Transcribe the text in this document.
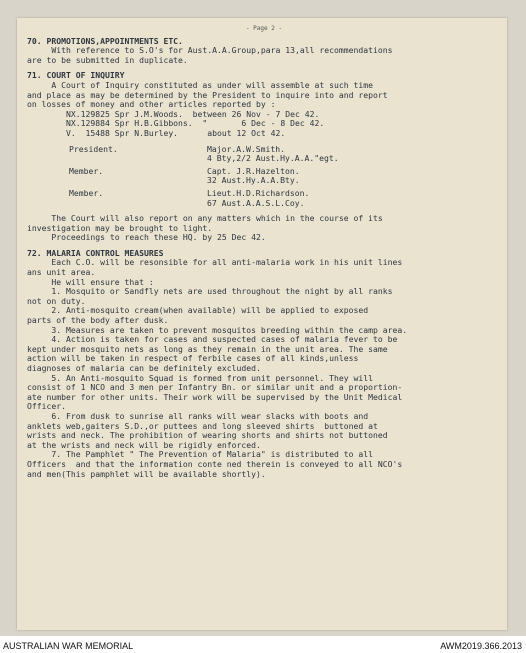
- Page 2 -
70. PROMOTIONS,APPOINTMENTS ETC.
With reference to S.O's for Aust.A.A.Group,para 13,all recommendations
are to be submitted in duplicate.
71. COURT OF INQUIRY
A Court of Inquiry constituted as under will assemble at such time
and place as may be determined by the President to inquire into and report
on losses of money and other articles reported by :
NX.129825 Spr J.M.Woods.  between 26 Nov - 7 Dec 42.
NX.129884 Spr H.B.Gibbons.  "       6 Dec - 8 Dec 42.
V.  15488 Spr N.Burley.      about 12 Oct 42.
President.	Major.A.W.Smith.
4 Bty,2/2 Aust.Hy.A.A."egt.
Member.	Capt. J.R.Hazelton.
32 Aust.Hy.A.A.Bty.
Member.	Lieut.H.D.Richardson.
67 Aust.A.A.S.L.Coy.
The Court will also report on any matters which in the course of its
investigation may be brought to light.
Proceedings to reach these HQ. by 25 Dec 42.
72. MALARIA CONTROL MEASURES
Each C.O. will be resonsible for all anti-malaria work in his unit lines
ans unit area.
He will ensure that :
1. Mosquito or Sandfly nets are used throughout the night by all ranks
not on duty.
2. Anti-mosquito cream(when available) will be applied to exposed
parts of the body after dusk.
3. Measures are taken to prevent mosquitos breeding within the camp area.
4. Action is taken for cases and suspected cases of malaria fever to be
kept under mosquito nets as long as they remain in the unit area. The same
action will be taken in respect of ferbile cases of all kinds,unless
diagnoses of malaria can be definitely excluded.
5. An Anti-mosquito Squad is formed from unit personnel. They will
consist of 1 NCO and 3 men per Infantry Bn. or similar unit and a proportion-
ate number for other units. Their work will be supervised by the Unit Medical
Officer.
6. From dusk to sunrise all ranks will wear slacks with boots and
anklets web,gaiters S.D.,or puttees and long sleeved shirts  buttoned at
wrists and neck. The prohibition of wearing shorts and shirts not buttoned
at the wrists and neck will be rigidly enforced.
7. The Pamphlet " The Prevention of Malaria" is distributed to all
Officers  and that the information conte ned therein is conveyed to all NCO's
and men(This pamphlet will be available shortly).
AUSTRALIAN WAR MEMORIAL	AWM2019.366.2013
